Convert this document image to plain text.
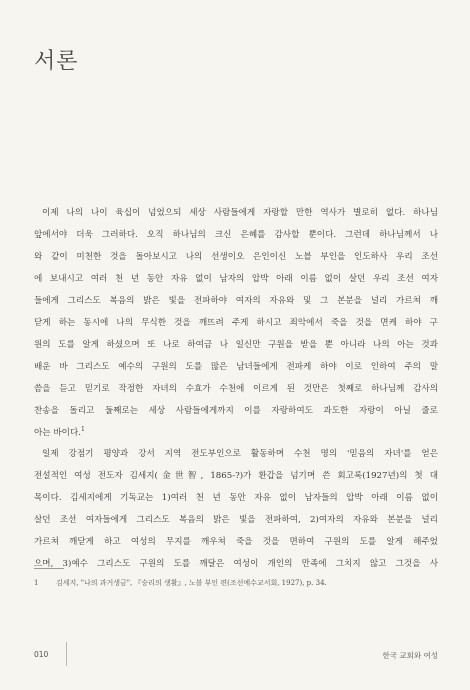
서론
이제 나의 나이 육십이 넘었으되 세상 사람들에게 자랑할 만한 역사가 별로히 없다. 하나님
앞에서야 더욱 그러하다. 오직 하나님의 크신 은혜를 감사할 뿐이다. 그런데 하나님께서 나
와 같이 미천한 것을 돌아보시고 나의 선생이오 은인이신 노블 부인을 인도하사 우리 조선
에 보내시고 여러 천 년 동안 자유 없이 남자의 압박 아래 이름 없이 살던 우리 조선 여자
들에게 그리스도 복음의 밝은 빛을 전파하야 여자의 자유와 및 그 본분을 널리 가르쳐 깨
닫게 하는 동시에 나의 무식한 것을 깨뜨려 주게 하시고 죄악에서 죽을 것을 면케 하야 구
원의 도를 알게 하셨으며 또 나로 하여금 나 일신만 구원을 받을 뿐 아니라 나의 아는 것과
배운 바 그리스도 예수의 구원의 도를 많은 남녀들에게 전파케 하야 이로 인하여 주의 말
씀을 듣고 믿기로 작정한 자녀의 수효가 수천에 이르게 된 것만은 첫째로 하나님께 감사의
찬송을 돌리고 둘째로는 세상 사람들에게까지 이를 자랑하여도 과도한 자랑이 아닐 줄로
아는 바이다.$^1$
일제 강점기 평양과 강서 지역 전도부인으로 활동하며 수천 명의 '믿음의 자녀'를 얻은
전설적인 여성 전도자 김세지(金世智, 1865-?)가 환갑을 넘기며 쓴 회고록(1927년)의 첫 대
목이다. 김세지에게 기독교는 1)여러 천 년 동안 자유 없이 남자들의 압박 아래 이름 없이
살던 조선 여자들에게 그리스도 복음의 밝은 빛을 전파하여, 2)여자의 자유와 본분을 널리
가르쳐 깨닫게 하고 여성의 무지를 깨우쳐 죽을 것을 면하여 구원의 도를 알게 해주었
으며, 3)예수 그리스도 구원의 도를 깨달은 여성이 개인의 만족에 그치지 않고 그것을 사
1	김세지, "나의 과거생금", 『승리의 생활』, 노블 부인 편(조선예수교서회, 1927), p. 34.
010	한국 교회와 여성
